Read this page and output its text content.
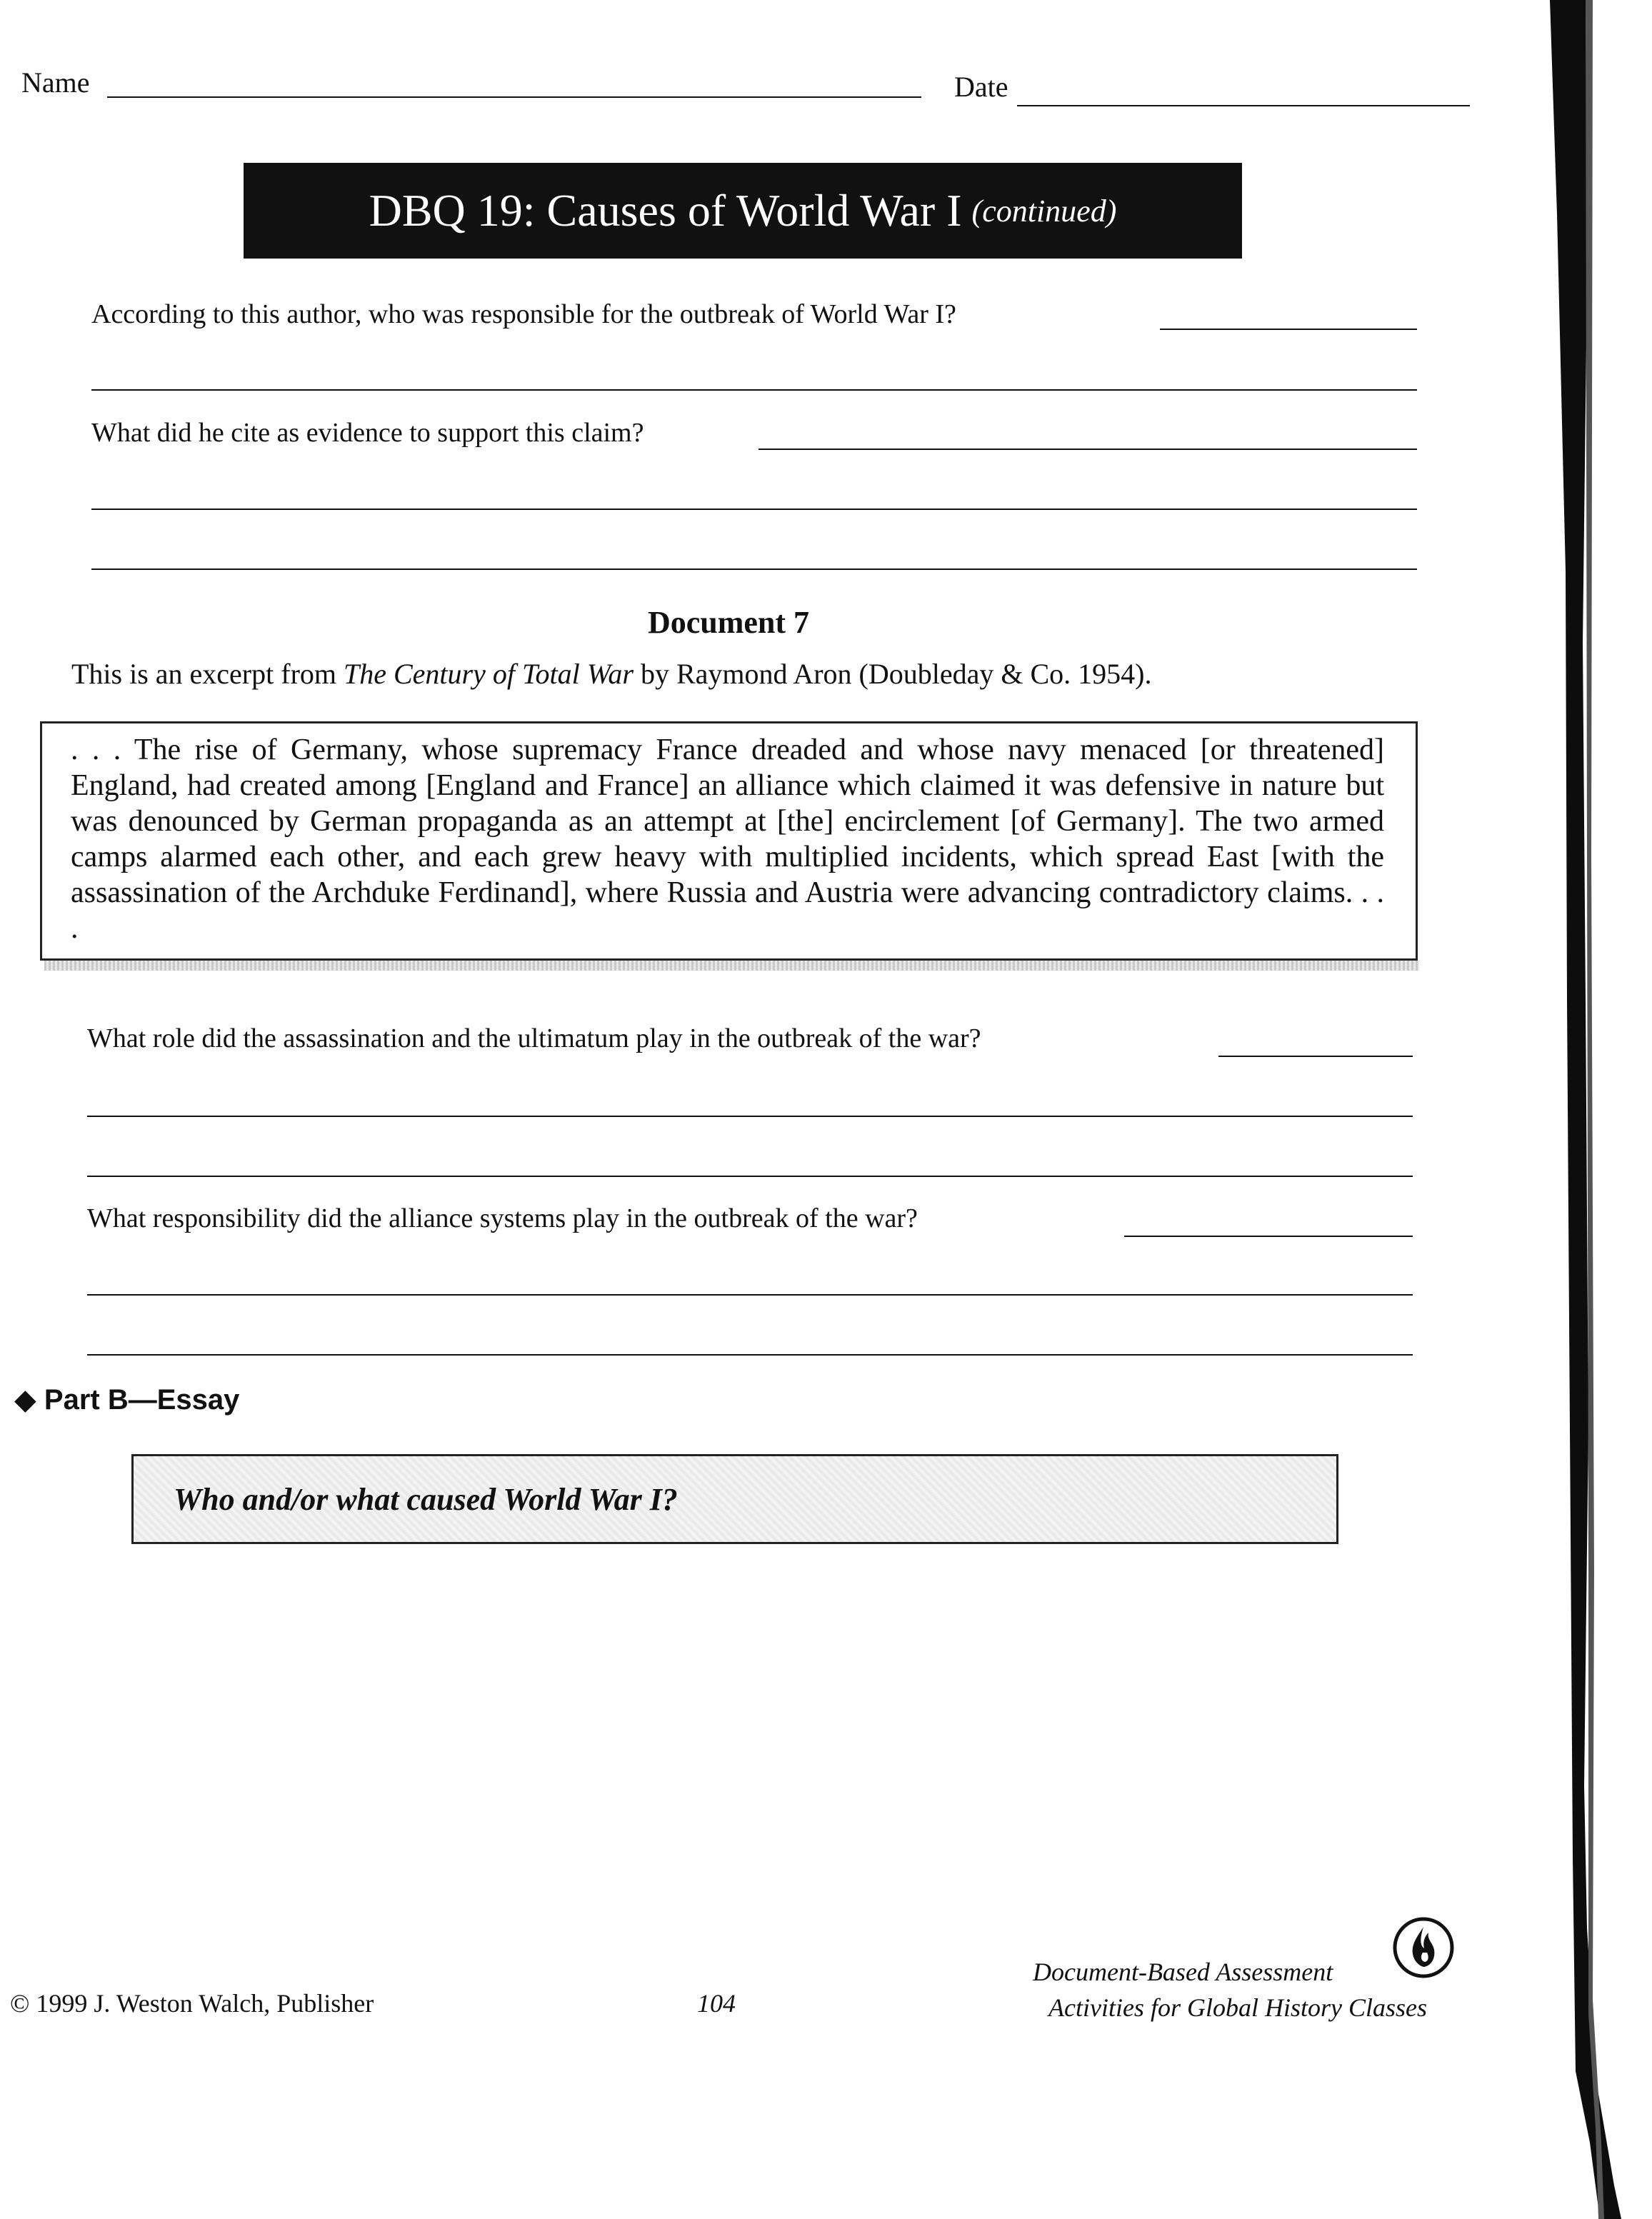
Name	Date
DBQ 19: Causes of World War I (continued)
According to this author, who was responsible for the outbreak of World War I?
What did he cite as evidence to support this claim?
Document 7
This is an excerpt from The Century of Total War by Raymond Aron (Doubleday & Co. 1954).
. . . The rise of Germany, whose supremacy France dreaded and whose navy menaced [or threatened] England, had created among [England and France] an alliance which claimed it was defensive in nature but was denounced by German propaganda as an attempt at [the] encirclement [of Germany]. The two armed camps alarmed each other, and each grew heavy with multiplied incidents, which spread East [with the assassination of the Archduke Ferdinand], where Russia and Austria were advancing contradictory claims. . . .
What role did the assassination and the ultimatum play in the outbreak of the war?
What responsibility did the alliance systems play in the outbreak of the war?
◆ Part B—Essay
Who and/or what caused World War I?
© 1999 J. Weston Walch, Publisher	104
Document-Based Assessment
Activities for Global History Classes
